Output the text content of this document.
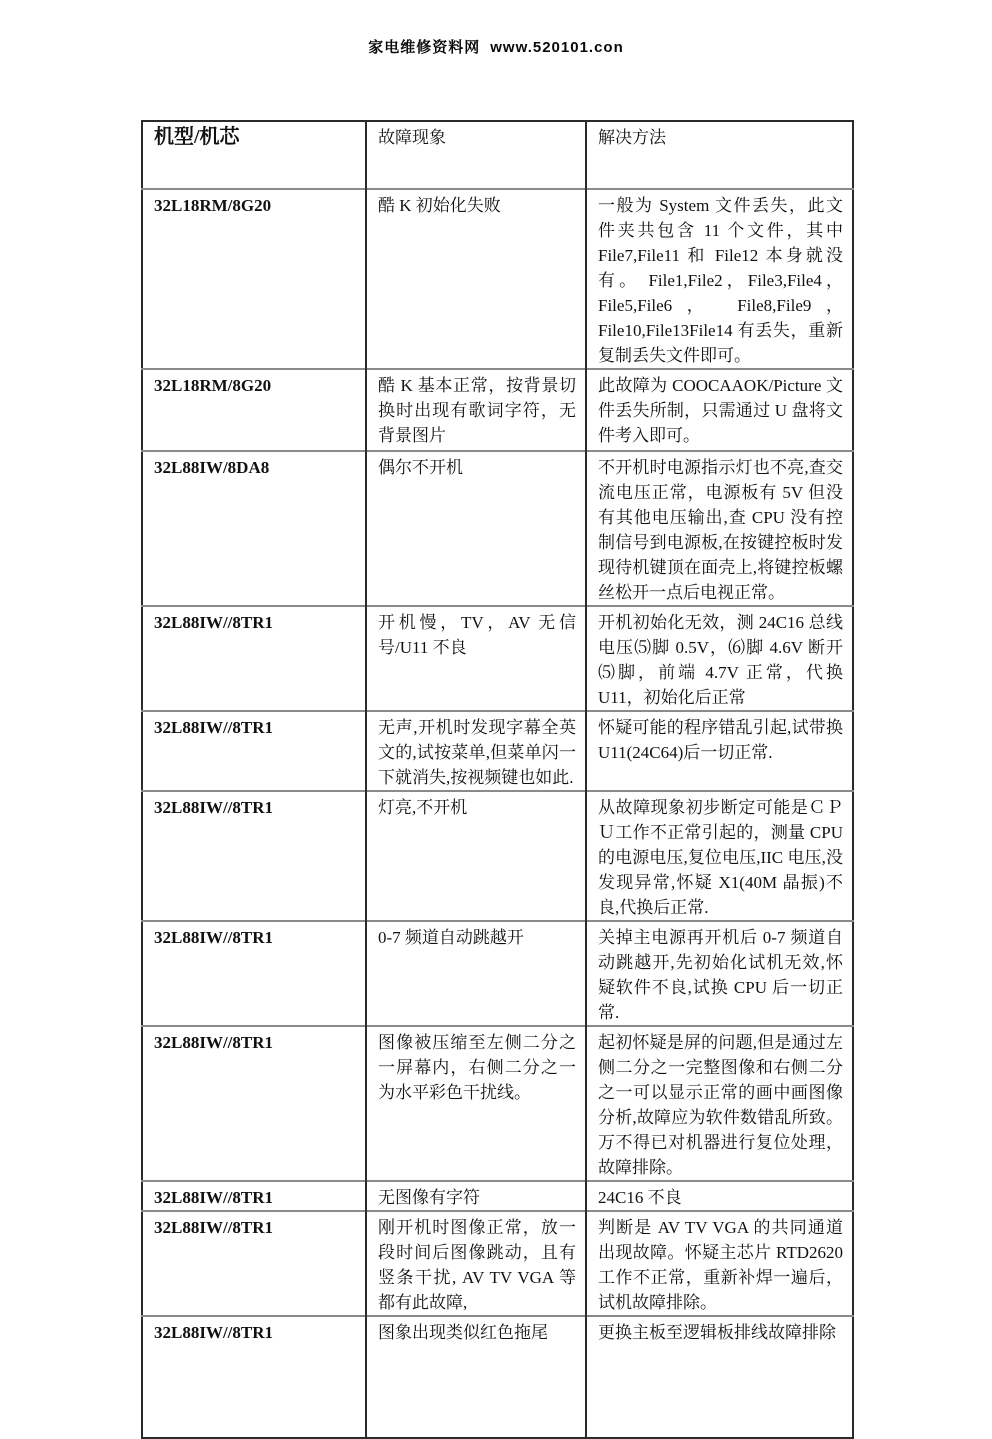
家电维修资料网 www.520101.con
机型/机芯	故障现象	解决方法
32L18RM/8G20	酷 K 初始化失败	一般为 System 文件丢失，此文件夹共包含 11 个文件，其中 File7,File11 和 File12 本身就没有。 File1,File2，File3,File4， File5,File6， File8,File9，File10,File13File14 有丢失，重新复制丢失文件即可。
32L18RM/8G20	酷 K 基本正常，按背景切换时出现有歌词字符，无背景图片	此故障为 COOCAAOK/Picture 文件丢失所制，只需通过 U 盘将文件考入即可。
32L88IW/8DA8	偶尔不开机	不开机时电源指示灯也不亮,查交流电压正常，电源板有 5V 但没有其他电压输出,查 CPU 没有控制信号到电源板,在按键控板时发现待机键顶在面壳上,将键控板螺丝松开一点后电视正常。
32L88IW//8TR1	开机慢，TV，AV 无信号/U11 不良	开机初始化无效，测 24C16 总线电压⑸脚 0.5V，⑹脚 4.6V 断开⑸脚，前端 4.7V 正常，代换 U11，初始化后正常
32L88IW//8TR1	无声,开机时发现字幕全英文的,试按菜单,但菜单闪一下就消失,按视频键也如此.	怀疑可能的程序错乱引起,试带换 U11(24C64)后一切正常.
32L88IW//8TR1	灯亮,不开机	从故障现象初步断定可能是ＣＰＵ工作不正常引起的，测量 CPU 的电源电压,复位电压,IIC 电压,没发现异常,怀疑 X1(40M 晶振)不良,代换后正常.
32L88IW//8TR1	0-7 频道自动跳越开	关掉主电源再开机后 0-7 频道自动跳越开,先初始化试机无效,怀疑软件不良,试换 CPU 后一切正常.
32L88IW//8TR1	图像被压缩至左侧二分之一屏幕内，右侧二分之一为水平彩色干扰线。	起初怀疑是屏的问题,但是通过左侧二分之一完整图像和右侧二分之一可以显示正常的画中画图像分析,故障应为软件数错乱所致。万不得已对机器进行复位处理，故障排除。
32L88IW//8TR1	无图像有字符	24C16 不良
32L88IW//8TR1	刚开机时图像正常，放一段时间后图像跳动，且有竖条干扰, AV TV VGA 等都有此故障,	判断是 AV TV VGA 的共同通道出现故障。怀疑主芯片 RTD2620 工作不正常，重新补焊一遍后，试机故障排除。
32L88IW//8TR1	图象出现类似红色拖尾	更换主板至逻辑板排线故障排除
